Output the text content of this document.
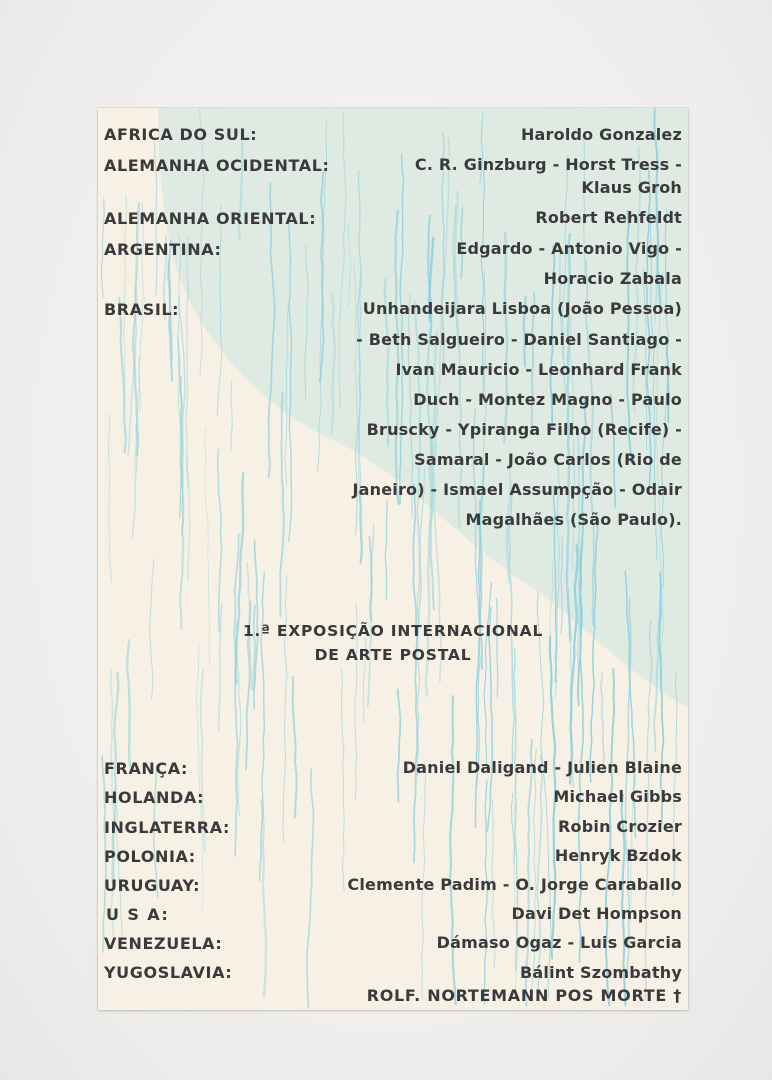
AFRICA DO SUL:	Haroldo Gonzalez
ALEMANHA OCIDENTAL:	C. R. Ginzburg - Horst Tress -
Klaus Groh
ALEMANHA ORIENTAL:	Robert Rehfeldt
ARGENTINA:	Edgardo - Antonio Vigo -
Horacio Zabala
BRASIL:	Unhandeijara Lisboa (João Pessoa)
- Beth Salgueiro - Daniel Santiago -
Ivan Mauricio - Leonhard Frank
Duch - Montez Magno - Paulo
Bruscky - Ypiranga Filho (Recife) -
Samaral - João Carlos (Rio de
Janeiro) - Ismael Assumpção - Odair
Magalhães (São Paulo).
1.ª EXPOSIÇÃO INTERNACIONAL
DE ARTE POSTAL
FRANÇA:	Daniel Daligand - Julien Blaine
HOLANDA:	Michael Gibbs
INGLATERRA:	Robin Crozier
POLONIA:	Henryk Bzdok
URUGUAY:	Clemente Padim - O. Jorge Caraballo
U S A:	Davi Det Hompson
VENEZUELA:	Dámaso Ogaz - Luis Garcia
YUGOSLAVIA:	Bálint Szombathy
ROLF. NORTEMANN POS MORTE †
